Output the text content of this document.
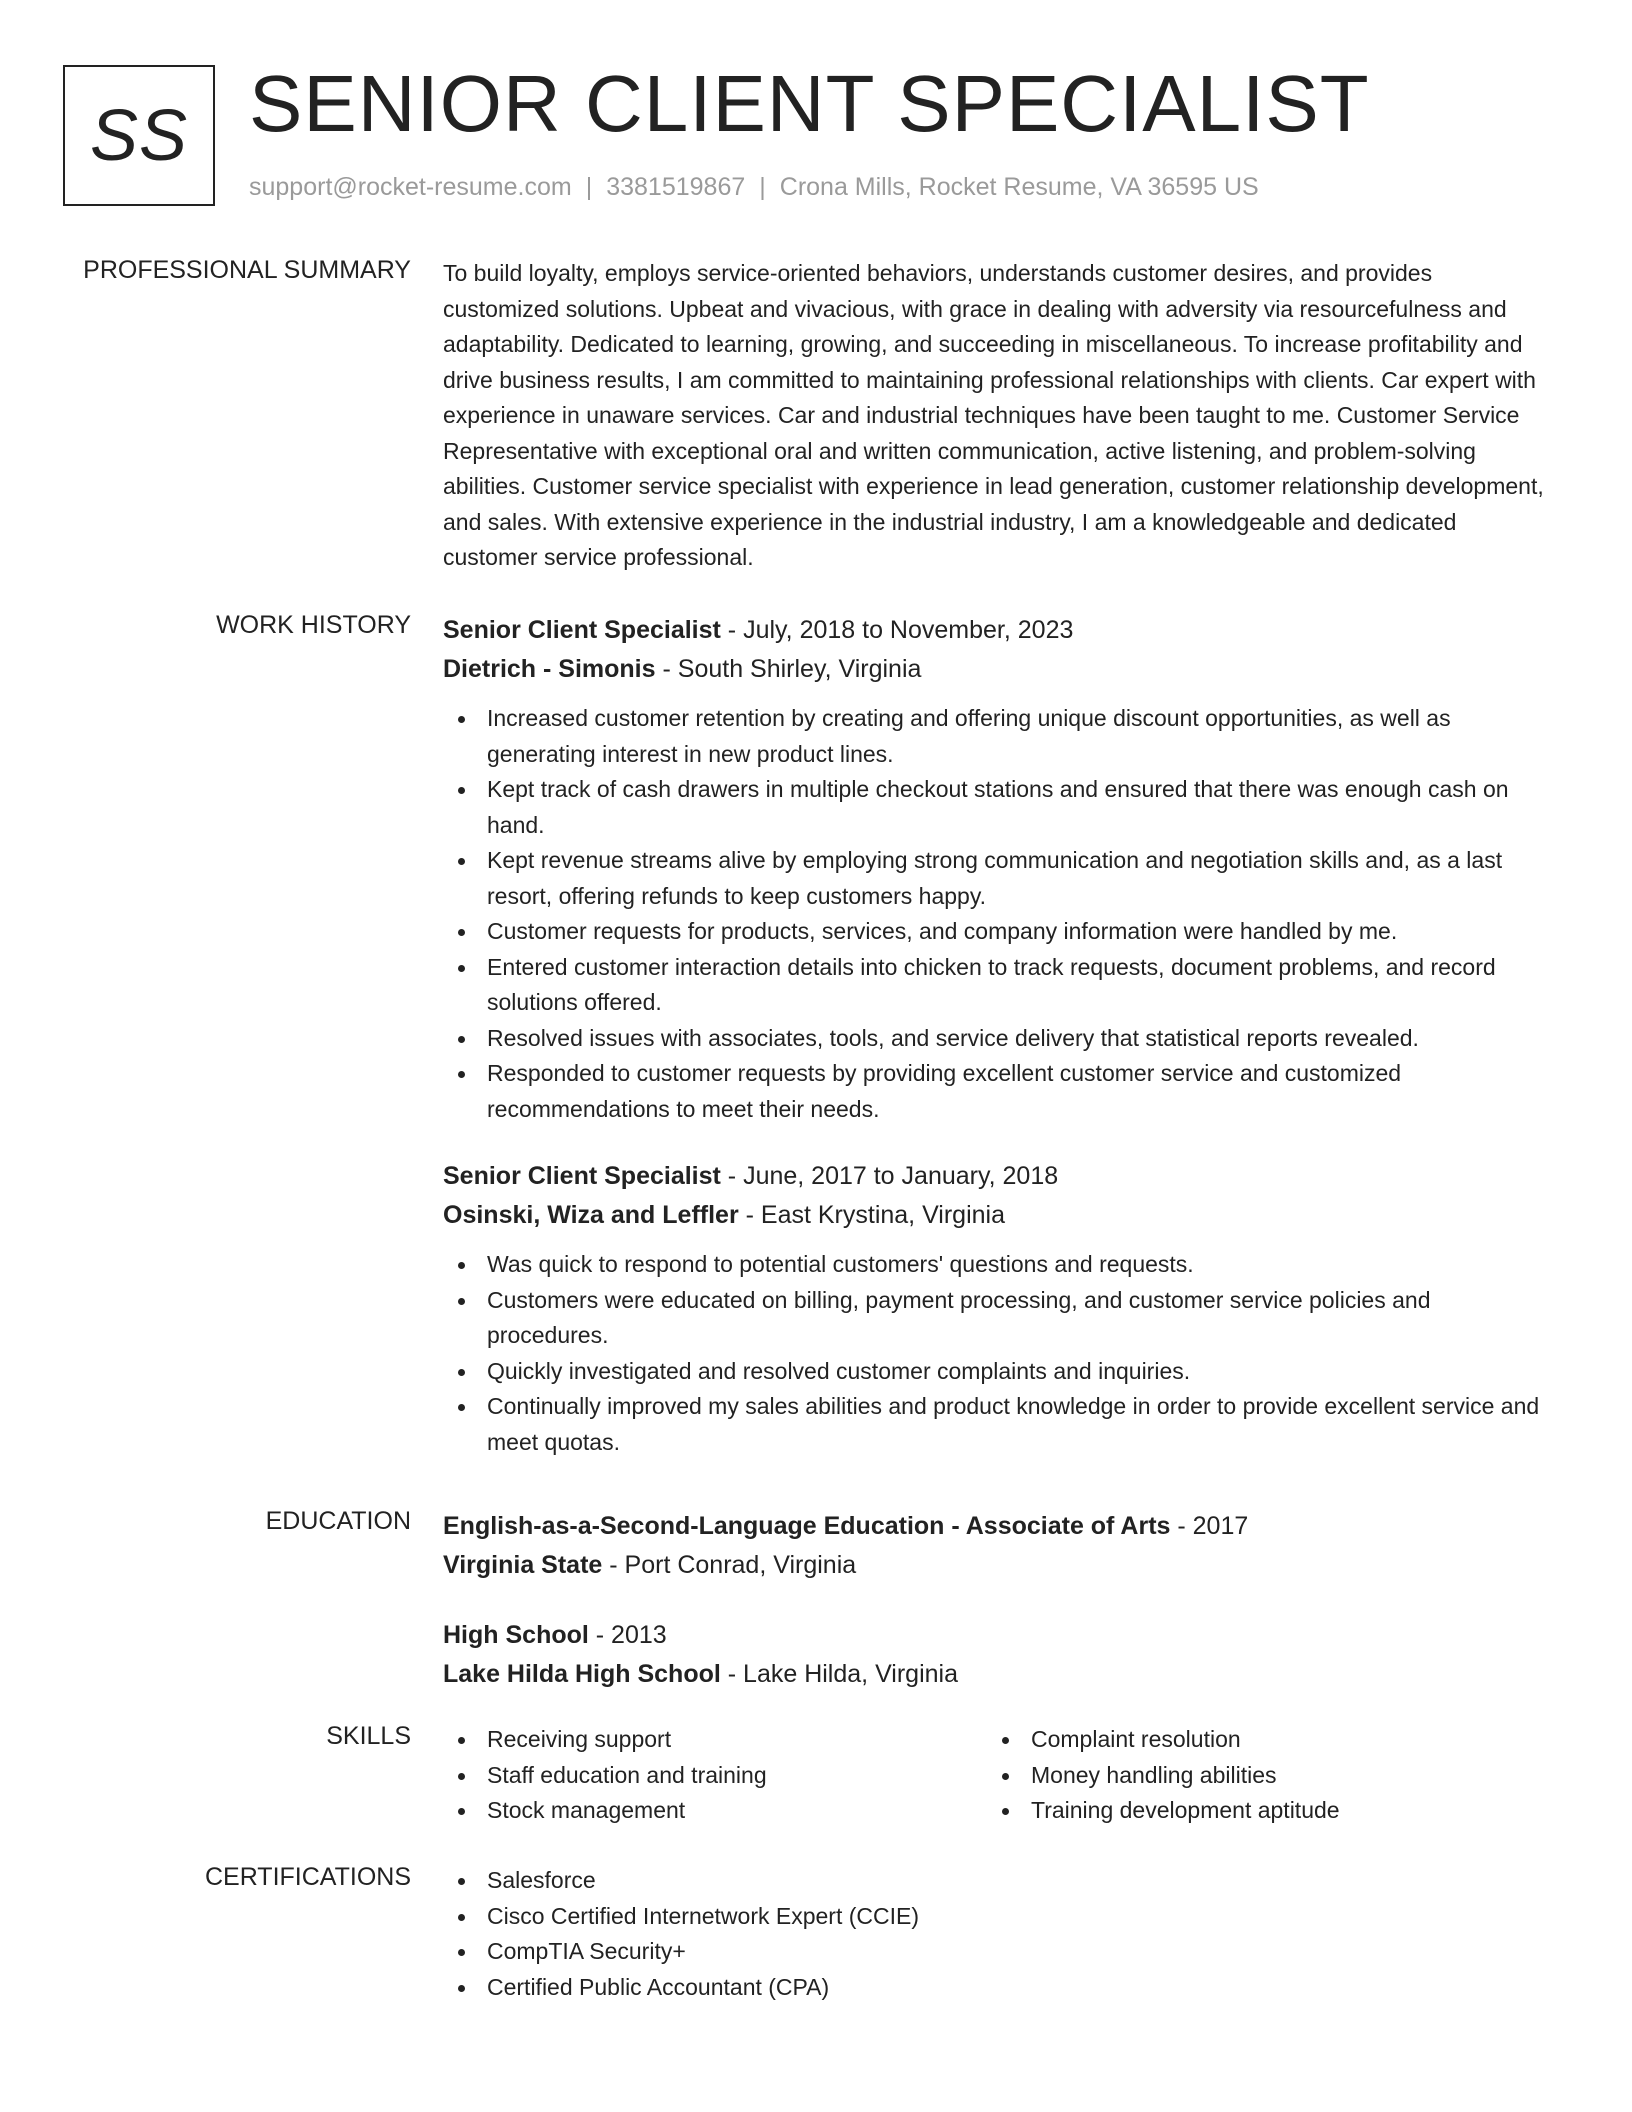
SS SENIOR CLIENT SPECIALIST
support@rocket-resume.com | 3381519867 | Crona Mills, Rocket Resume, VA 36595 US
PROFESSIONAL SUMMARY To build loyalty, employs service-oriented behaviors, understands customer desires, and provides customized solutions. Upbeat and vivacious, with grace in dealing with adversity via resourcefulness and adaptability. Dedicated to learning, growing, and succeeding in miscellaneous. To increase profitability and drive business results, I am committed to maintaining professional relationships with clients. Car expert with experience in unaware services. Car and industrial techniques have been taught to me. Customer Service Representative with exceptional oral and written communication, active listening, and problem-solving abilities. Customer service specialist with experience in lead generation, customer relationship development, and sales. With extensive experience in the industrial industry, I am a knowledgeable and dedicated customer service professional.

WORK HISTORY Senior Client Specialist - July, 2018 to November, 2023
Dietrich - Simonis - South Shirley, Virginia
Increased customer retention by creating and offering unique discount opportunities, as well as generating interest in new product lines.
Kept track of cash drawers in multiple checkout stations and ensured that there was enough cash on hand.
Kept revenue streams alive by employing strong communication and negotiation skills and, as a last resort, offering refunds to keep customers happy.
Customer requests for products, services, and company information were handled by me.
Entered customer interaction details into chicken to track requests, document problems, and record solutions offered.
Resolved issues with associates, tools, and service delivery that statistical reports revealed.
Responded to customer requests by providing excellent customer service and customized recommendations to meet their needs.
Senior Client Specialist - June, 2017 to January, 2018
Osinski, Wiza and Leffler - East Krystina, Virginia
Was quick to respond to potential customers' questions and requests.
Customers were educated on billing, payment processing, and customer service policies and procedures.
Quickly investigated and resolved customer complaints and inquiries.
Continually improved my sales abilities and product knowledge in order to provide excellent service and meet quotas.
EDUCATION English-as-a-Second-Language Education - Associate of Arts - 2017
Virginia State - Port Conrad, Virginia
High School - 2013
Lake Hilda High School - Lake Hilda, Virginia
SKILLS	Receiving support
Staff education and training
Stock management
Complaint resolution
Money handling abilities
Training development aptitude
CERTIFICATIONS	Salesforce
Cisco Certified Internetwork Expert (CCIE)
CompTIA Security+
Certified Public Accountant (CPA)
